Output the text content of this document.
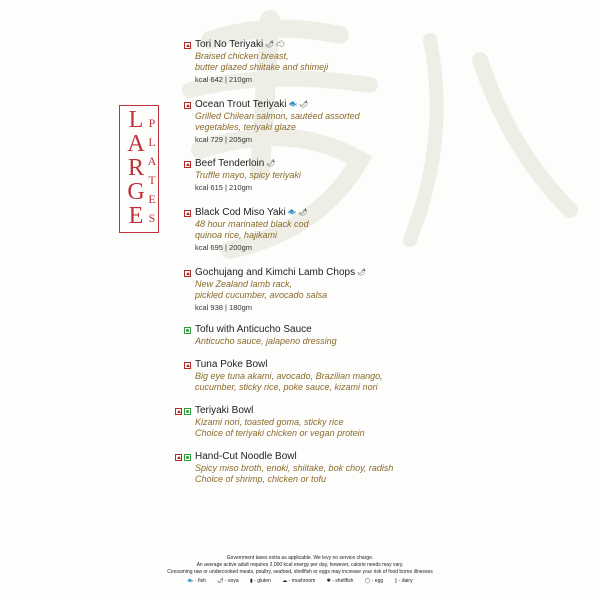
L
A
R
G
E
P
L
A
T
E
S
Tori No Teriyaki 🌶 ☁
Braised chicken breast,
butter glazed shiitake and shimeji
kcal 642 | 210gm
Ocean Trout Teriyaki 🐟 🌶
Grilled Chilean salmon, sautéed assorted
vegetables, teriyaki glaze
kcal 729 | 205gm
Beef Tenderloin 🌶
Truffle mayo, spicy teriyaki
kcal 615 | 210gm
Black Cod Miso Yaki 🐟 🌶
48 hour marinated black cod
quinoa rice, hajikami
kcal 695 | 200gm
Gochujang and Kimchi Lamb Chops 🌶
New Zealand lamb rack,
pickled cucumber, avocado salsa
kcal 938 | 180gm
Tofu with Anticucho Sauce
Anticucho sauce, jalapeno dressing
Tuna Poke Bowl
Big eye tuna akami, avocado, Brazilian mango,
cucumber, sticky rice, poke sauce, kizami nori
Teriyaki Bowl
Kizami nori, toasted goma, sticky rice
Choice of teriyaki chicken or vegan protein
Hand-Cut Noodle Bowl
Spicy miso broth, enoki, shiitake, bok choy, radish
Choice of shrimp, chicken or tofu
Government taxes extra as applicable. We levy no service charge.
An average active adult requires 2,000 kcal energy per day, however, calorie needs may vary.
Consuming raw or undercooked meats, poultry, seafood, shellfish or eggs may increase your risk of food borne illnesses
🐟 - fish 🌶 - soya ▮ - gluten ☁ - mushroom ✱ - shellfish ◯ - egg ▯ - dairy
